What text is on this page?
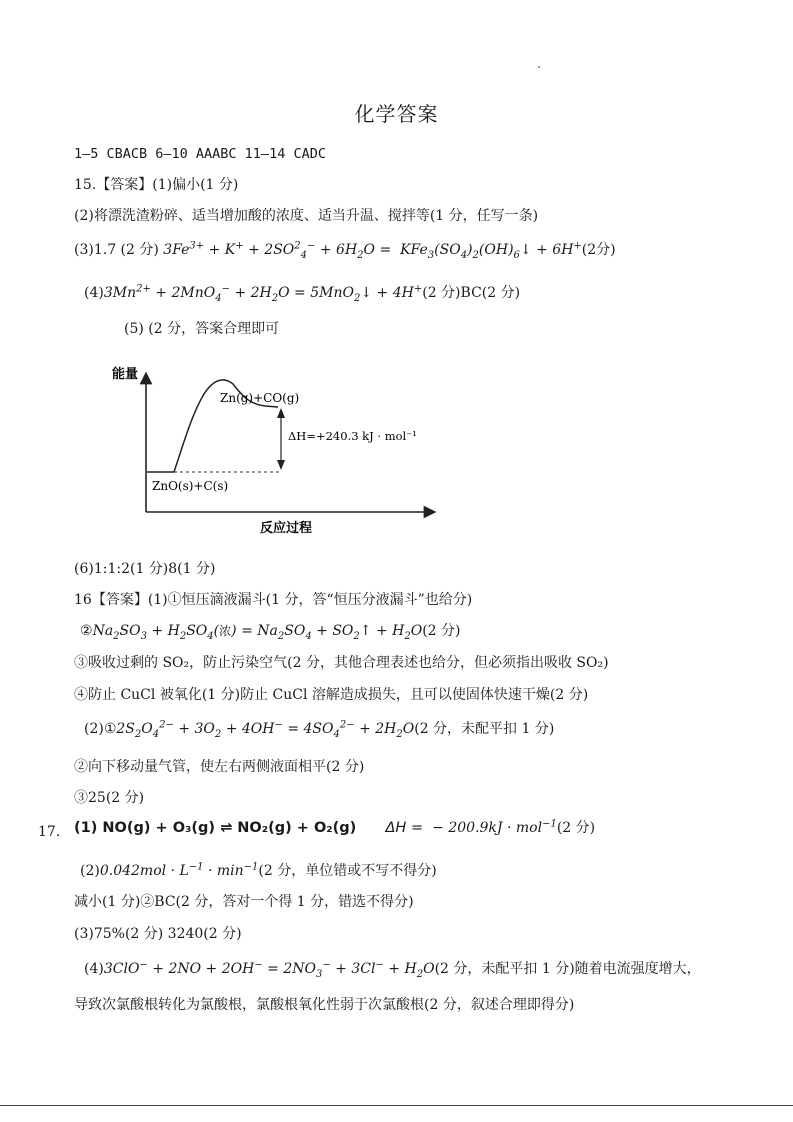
化学答案
1—5 CBACB 6—10 AAABC 11—14 CADC
15.【答案】(1)偏小(1 分)
(2)将漂洗渣粉碎、适当增加酸的浓度、适当升温、搅拌等(1 分，任写一条)
(3)1.7 (2 分) $3Fe^{3+} + K^+ + 2SO^2_4^- + 6H_2O$ =  $KFe_3(SO_4)_2(OH)_6↓ + 6H^+(2$分)
$(4)3Mn^{2+} + 2MnO_4^- + 2H_2O$ = 5MnO$_2$↓ + 4H+(2 分)BC(2 分)
(5) (2 分，答案合理即可
能量
反应过程
Zn(g)+CO(g)
ZnO(s)+C(s)
ΔH=+240.3 kJ · mol⁻¹
(6)1:1:2(1 分)8(1 分)
16【答案】(1)①恒压滴液漏斗(1 分，答“恒压分液漏斗”也给分)
$②Na_2SO_3 + H_2SO_4$(浓) = $Na_2SO_4$ + $SO_2↑ + H_2O(2$ 分)
③吸收过剩的 SO₂，防止污染空气(2 分，其他合理表述也给分，但必须指出吸收 SO₂)
④防止 CuCl 被氧化(1 分)防止 CuCl 溶解造成损失，且可以使固体快速干燥(2 分)
$(2)①2S_2O_4^{2-} + 3O_2 + 4OH^- = 4SO_4^{2-} + 2H_2O(2$ 分，未配平扣 1 分)
②向下移动量气管，使左右两侧液面相平(2 分)
③25(2 分)
17. (1) NO(g) + O₃(g) ⇌ NO₂(g) + O₂(g) ΔH =  − 200.9kJ · mol$^{-1}$(2 分)
$(2)0.042mol \cdot L^{-1} \cdot \min^{-1}(2$ 分，单位错或不写不得分)
减小(1 分)②BC(2 分，答对一个得 1 分，错选不得分)
(3)75%(2 分) 3240(2 分)
$(4)3ClO^- + 2NO + 2OH^- = 2NO_3^- + 3Cl^- + H_2O(2$ 分，未配平扣 1 分)随着电流强度增大，
导致次氯酸根转化为氯酸根，氯酸根氧化性弱于次氯酸根(2 分，叙述合理即得分)
